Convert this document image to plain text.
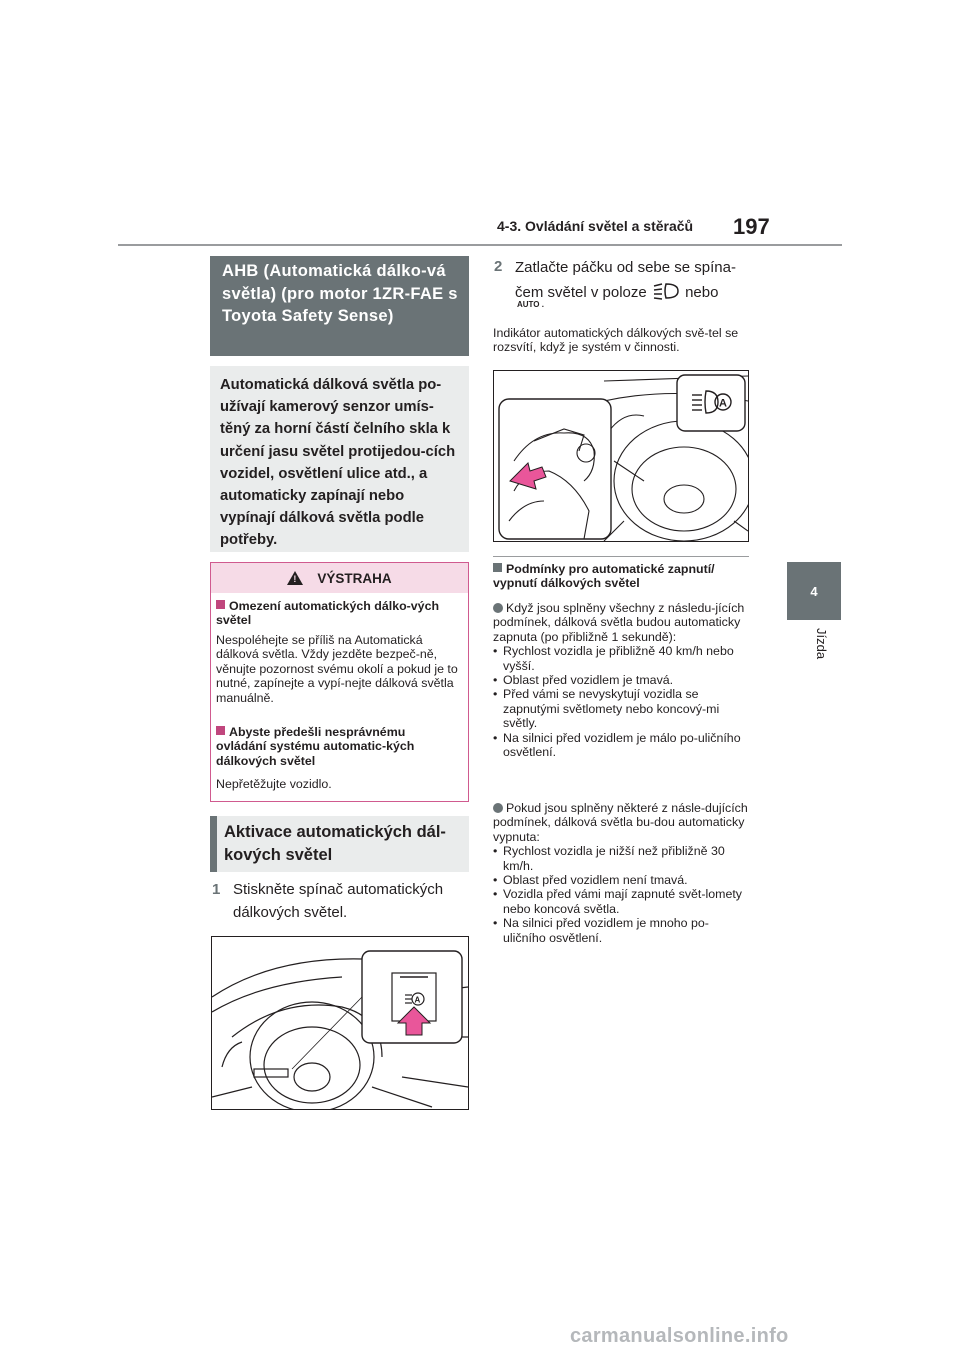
4-3. Ovládání světel a stěračů 197
4
Jízda
AHB (Automatická dálko-vá světla) (pro motor 1ZR-FAE s Toyota Safety Sense)
Automatická dálková světla po-užívají kamerový senzor umís-těný za horní částí čelního skla k určení jasu světel protijedou-cích vozidel, osvětlení ulice atd., a automaticky zapínají nebo vypínají dálková světla podle potřeby.
! VÝSTRAHA
Omezení automatických dálko-vých světel
Nespoléhejte se příliš na Automatická dálková světla. Vždy jezděte bezpeč-ně, věnujte pozornost svému okolí a pokud je to nutné, zapínejte a vypí-nejte dálková světla manuálně.
Abyste předešli nesprávnému ovládání systému automatic-kých dálkových světel
Nepřetěžujte vozidlo.
Aktivace automatických dál-kových světel
1 Stiskněte spínač automatických dálkových světel.
A
2 Zatlačte páčku od sebe se spína-
čem světel v poloze	nebo
AUTO .
Indikátor automatických dálkových svě-tel se rozsvítí, když je systém v činnosti.
A
Podmínky pro automatické zapnutí/ vypnutí dálkových světel
Když jsou splněny všechny z následu-jících podmínek, dálková světla budou automaticky zapnuta (po přibližně 1 sekundě):
• Rychlost vozidla je přibližně 40 km/h nebo vyšší.
• Oblast před vozidlem je tmavá.
• Před vámi se nevyskytují vozidla se zapnutými světlomety nebo koncový-mi světly.
• Na silnici před vozidlem je málo po-uličního osvětlení.
Pokud jsou splněny některé z násle-dujících podmínek, dálková světla bu-dou automaticky vypnuta:
• Rychlost vozidla je nižší než přibližně 30 km/h.
• Oblast před vozidlem není tmavá.
• Vozidla před vámi mají zapnuté svět-lomety nebo koncová světla.
• Na silnici před vozidlem je mnoho po-uličního osvětlení.
carmanualsonline.info
